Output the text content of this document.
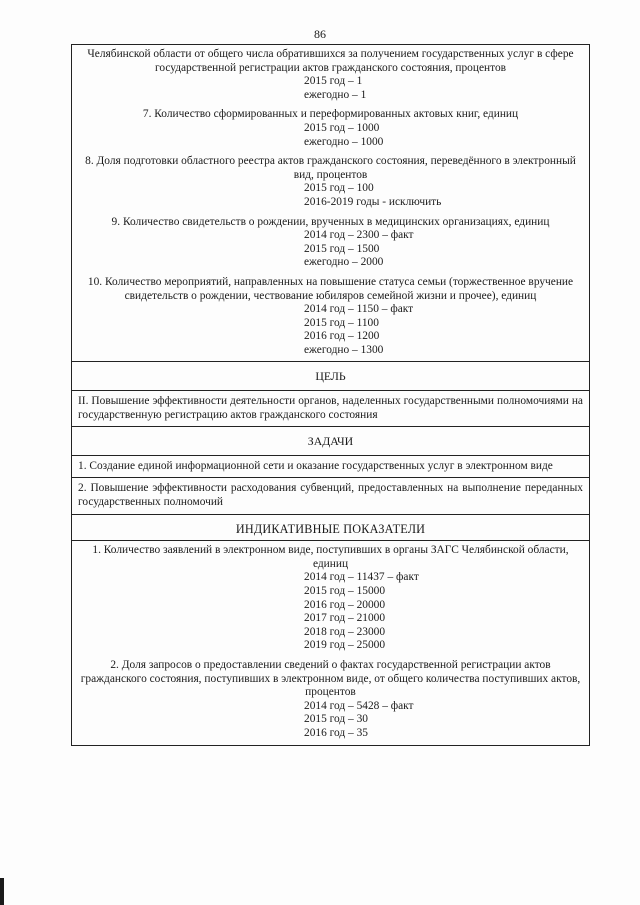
86
Челябинской области от общего числа обратившихся за получением государственных услуг в сфере государственной регистрации актов гражданского состояния, процентов
2015 год – 1
ежегодно – 1
7. Количество сформированных и переформированных актовых книг, единиц
2015 год – 1000
ежегодно – 1000
8. Доля подготовки областного реестра актов гражданского состояния, переведённого в электронный вид, процентов
2015 год – 100
2016-2019 годы - исключить
9. Количество свидетельств о рождении, врученных в медицинских организациях, единиц
2014 год – 2300 – факт
2015 год – 1500
ежегодно – 2000
10. Количество мероприятий, направленных на повышение статуса семьи (торжественное вручение свидетельств о рождении, чествование юбиляров семейной жизни и прочее), единиц
2014 год – 1150 – факт
2015 год – 1100
2016 год – 1200
ежегодно – 1300
ЦЕЛЬ
II. Повышение эффективности деятельности органов, наделенных государственными полномочиями на государственную регистрацию актов гражданского состояния
ЗАДАЧИ
1. Создание единой информационной сети и оказание государственных услуг в электронном виде
2. Повышение эффективности расходования субвенций, предоставленных на выполнение переданных государственных полномочий
ИНДИКАТИВНЫЕ ПОКАЗАТЕЛИ
1. Количество заявлений в электронном виде, поступивших в органы ЗАГС Челябинской области, единиц
2014 год – 11437 – факт
2015 год – 15000
2016 год – 20000
2017 год – 21000
2018 год – 23000
2019 год – 25000
2. Доля запросов о предоставлении сведений о фактах государственной регистрации актов гражданского состояния, поступивших в электронном виде, от общего количества поступивших актов, процентов
2014 год – 5428 – факт
2015 год – 30
2016 год – 35
